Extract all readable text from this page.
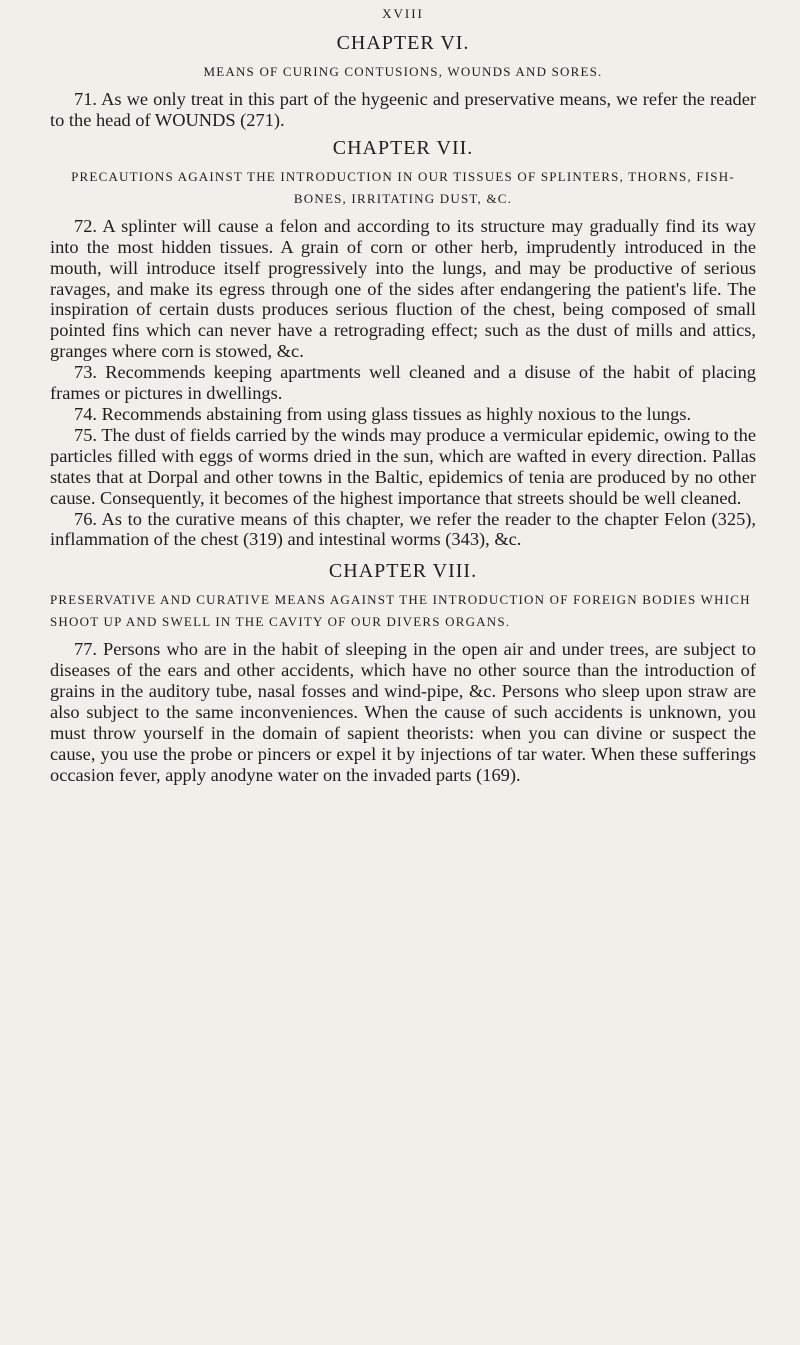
XVIII
CHAPTER VI.
MEANS OF CURING CONTUSIONS, WOUNDS AND SORES.

71. As we only treat in this part of the hygeenic and preservative means, we refer the reader to the head of WOUNDS (271).

CHAPTER VII.
PRECAUTIONS AGAINST THE INTRODUCTION IN OUR TISSUES OF SPLINTERS, THORNS, FISH-BONES, IRRITATING DUST, &C.

72. A splinter will cause a felon and according to its structure may gradually find its way into the most hidden tissues. A grain of corn or other herb, imprudently introduced in the mouth, will introduce itself progressively into the lungs, and may be productive of serious ravages, and make its egress through one of the sides after endangering the patient's life. The inspiration of certain dusts produces serious fluction of the chest, being composed of small pointed fins which can never have a retrograding effect; such as the dust of mills and attics, granges where corn is stowed, &c.

73. Recommends keeping apartments well cleaned and a disuse of the habit of placing frames or pictures in dwellings.

74. Recommends abstaining from using glass tissues as highly noxious to the lungs.

75. The dust of fields carried by the winds may produce a vermicular epidemic, owing to the particles filled with eggs of worms dried in the sun, which are wafted in every direction. Pallas states that at Dorpal and other towns in the Baltic, epidemics of tenia are produced by no other cause. Consequently, it becomes of the highest importance that streets should be well cleaned.

76. As to the curative means of this chapter, we refer the reader to the chapter Felon (325), inflammation of the chest (319) and intestinal worms (343), &c.

CHAPTER VIII.
PRESERVATIVE AND CURATIVE MEANS AGAINST THE INTRODUCTION OF FOREIGN BODIES WHICH SHOOT UP AND SWELL IN THE CAVITY OF OUR DIVERS ORGANS.

77. Persons who are in the habit of sleeping in the open air and under trees, are subject to diseases of the ears and other accidents, which have no other source than the introduction of grains in the auditory tube, nasal fosses and wind-pipe, &c. Persons who sleep upon straw are also subject to the same inconveniences. When the cause of such accidents is unknown, you must throw yourself in the domain of sapient theorists: when you can divine or suspect the cause, you use the probe or pincers or expel it by injections of tar water. When these sufferings occasion fever, apply anodyne water on the invaded parts (169).
